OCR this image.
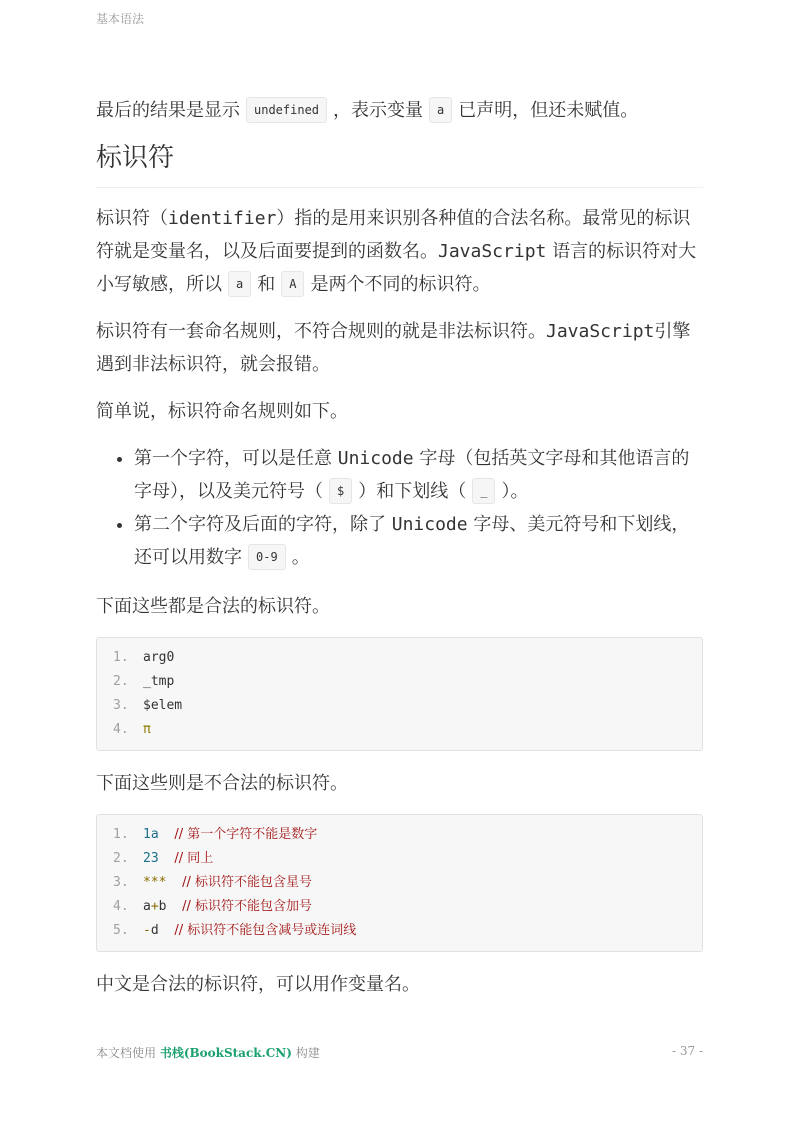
基本语法

最后的结果是显示 undefined ，表示变量 a 已声明，但还未赋值。

标识符

标识符（identifier）指的是用来识别各种值的合法名称。最常见的标识符就是变量名，以及后面要提到的函数名。JavaScript 语言的标识符对大小写敏感，所以 a 和 A 是两个不同的标识符。

标识符有一套命名规则，不符合规则的就是非法标识符。JavaScript引擎遇到非法标识符，就会报错。

简单说，标识符命名规则如下。

• 第一个字符，可以是任意 Unicode 字母（包括英文字母和其他语言的字母），以及美元符号（ $ ）和下划线（ _ ）。
• 第二个字符及后面的字符，除了 Unicode 字母、美元符号和下划线，还可以用数字 0-9 。

下面这些都是合法的标识符。

1. arg0
2. _tmp
3. $elem
4. π

下面这些则是不合法的标识符。

1. 1a // 第一个字符不能是数字
2. 23 // 同上
3. *** // 标识符不能包含星号
4. a+b // 标识符不能包含加号
5. -d // 标识符不能包含减号或连词线

中文是合法的标识符，可以用作变量名。

本文档使用 书栈(BookStack.CN) 构建	- 37 -
